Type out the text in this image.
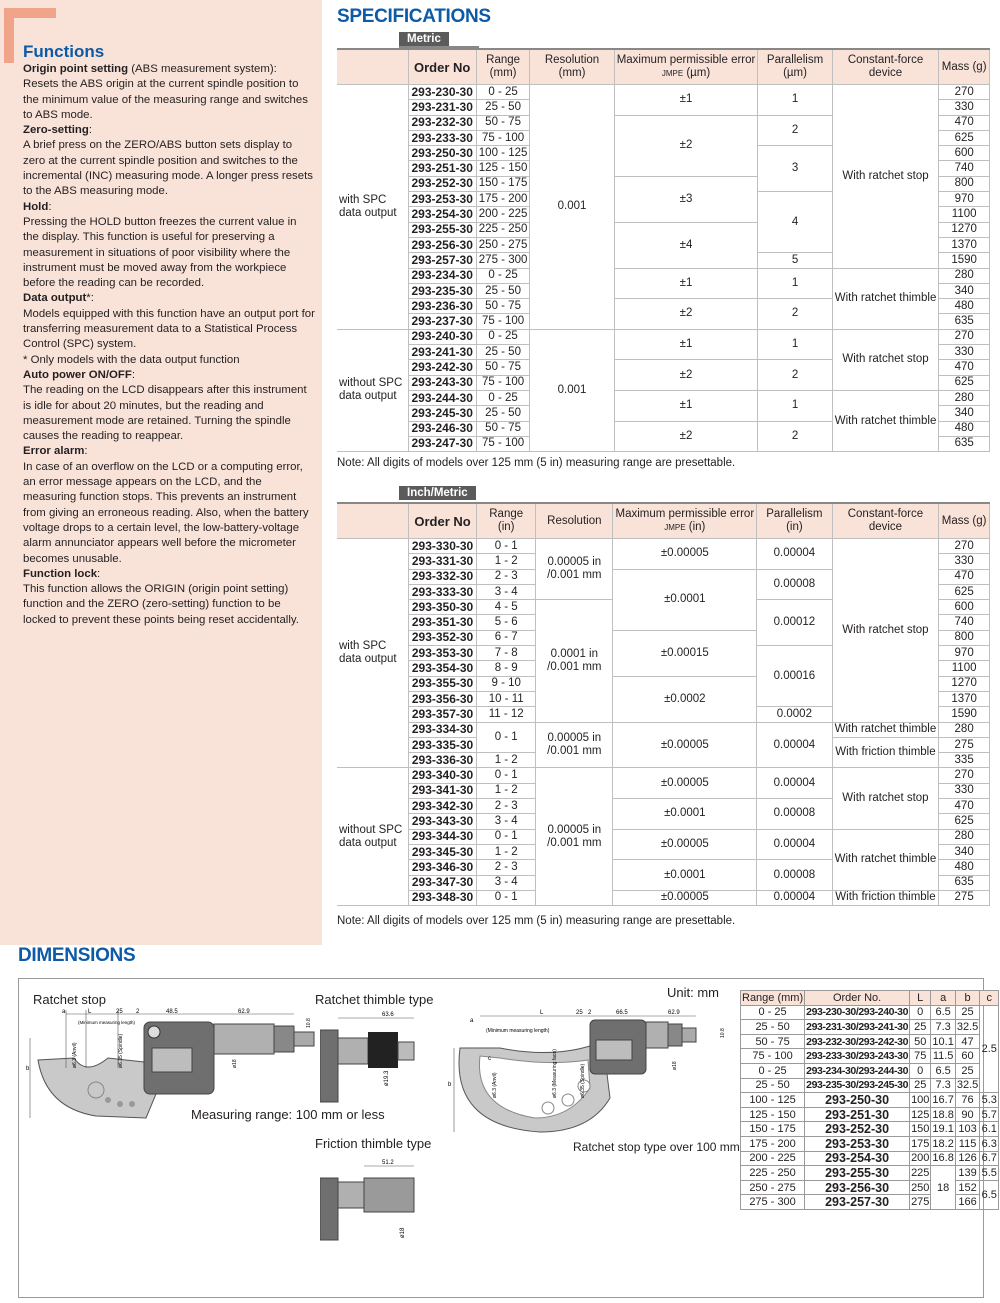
Functions

Origin point setting (ABS measurement system):
Resets the ABS origin at the current spindle position to the minimum value of the measuring range and switches to ABS mode.

Zero-setting:
A brief press on the ZERO/ABS button sets display to zero at the current spindle position and switches to the incremental (INC) measuring mode. A longer press resets to the ABS measuring mode.

Hold:
Pressing the HOLD button freezes the current value in the display. This function is useful for preserving a measurement in situations of poor visibility where the instrument must be moved away from the workpiece before the reading can be recorded.

Data output*:
Models equipped with this function have an output port for transferring measurement data to a Statistical Process Control (SPC) system.
* Only models with the data output function

Auto power ON/OFF:
The reading on the LCD disappears after this instrument is idle for about 20 minutes, but the reading and measurement mode are retained. Turning the spindle causes the reading to reappear.

Error alarm:
In case of an overflow on the LCD or a computing error, an error message appears on the LCD, and the measuring function stops. This prevents an instrument from giving an erroneous reading. Also, when the battery voltage drops to a certain level, the low-battery-voltage alarm annunciator appears well before the micrometer becomes unusable.

Function lock:
This function allows the ORIGIN (origin point setting) function and the ZERO (zero-setting) function to be locked to prevent these points being reset accidentally.

SPECIFICATIONS
Metric
	Order No	Range
(mm)	Resolution
(mm)	Maximum permissible error
JMPE (µm)	Parallelism
(µm)	Constant-force
device	Mass (g)
with SPC
data output	293-230-30	0 - 25	0.001	±1	1	With ratchet stop	270
	293-231-30	25 - 50					330
	293-232-30	50 - 75		±2	2		470
	293-233-30	75 - 100					625
	293-250-30	100 - 125			3		600
	293-251-30	125 - 150					740
	293-252-30	150 - 175		±3			800
	293-253-30	175 - 200			4		970
	293-254-30	200 - 225					1100
	293-255-30	225 - 250		±4			1270
	293-256-30	250 - 275					1370
	293-257-30	275 - 300			5		1590
	293-234-30	0 - 25		±1	1	With ratchet thimble	280
	293-235-30	25 - 50					340
	293-236-30	50 - 75		±2	2		480
	293-237-30	75 - 100					635
without SPC
data output	293-240-30	0 - 25	0.001	±1	1	With ratchet stop	270
	293-241-30	25 - 50					330
	293-242-30	50 - 75		±2	2		470
	293-243-30	75 - 100					625
	293-244-30	0 - 25		±1	1	With ratchet thimble	280
	293-245-30	25 - 50					340
	293-246-30	50 - 75		±2	2		480
	293-247-30	75 - 100					635
Note: All digits of models over 125 mm (5 in) measuring range are presettable.
Inch/Metric
	Order No	Range
(in)	Resolution	Maximum permissible error
JMPE (in)	Parallelism
(in)	Constant-force
device	Mass (g)
with SPC
data output	293-330-30	0 - 1	0.00005 in
/0.001 mm	±0.00005	0.00004	With ratchet stop	270
	293-331-30	1 - 2					330
	293-332-30	2 - 3		±0.0001	0.00008		470
	293-333-30	3 - 4					625
	293-350-30	4 - 5	0.0001 in
/0.001 mm		0.00012		600
	293-351-30	5 - 6					740
	293-352-30	6 - 7		±0.00015			800
	293-353-30	7 - 8			0.00016		970
	293-354-30	8 - 9					1100
	293-355-30	9 - 10		±0.0002			1270
	293-356-30	10 - 11					1370
	293-357-30	11 - 12			0.0002		1590
	293-334-30	0 - 1	0.00005 in
/0.001 mm	±0.00005	0.00004	With ratchet thimble	280
	293-335-30					With friction thimble	275
	293-336-30	1 - 2					335
without SPC
data output	293-340-30	0 - 1	0.00005 in
/0.001 mm	±0.00005	0.00004	With ratchet stop	270
	293-341-30	1 - 2					330
	293-342-30	2 - 3		±0.0001	0.00008		470
	293-343-30	3 - 4					625
	293-344-30	0 - 1		±0.00005	0.00004	With ratchet thimble	280
	293-345-30	1 - 2					340
	293-346-30	2 - 3		±0.0001	0.00008		480
	293-347-30	3 - 4					635
	293-348-30	0 - 1		±0.00005	0.00004	With friction thimble	275
Note: All digits of models over 125 mm (5 in) measuring range are presettable.
DIMENSIONS
Ratchet stop	Ratchet thimble type
Measuring range: 100 mm or less
Friction thimble type	Ratchet stop type over 100 mm
Unit: mm
a	L	25 2	48.5	62.9
b
(Minimum measuring length)	10.8
ø6.3 (Anvil)	ø6.35 (Spindle)	ø18
63.6
ø19.3
51.2
ø18
a
L	25 2	66.5	62.9
10.8
(Minimum measuring length)
b
c
ø6.3 (Anvil)	ø6.3 (Measuring face)	ø6.35 (Spindle)	ø18
Range (mm)	Order No.	L	a	b	c
0 - 25	293-230-30/293-240-30	0	6.5	25	2.5
25 - 50	293-231-30/293-241-30	25	7.3	32.5	
50 - 75	293-232-30/293-242-30	50	10.1	47	
75 - 100	293-233-30/293-243-30	75	11.5	60	
0 - 25	293-234-30/293-244-30	0	6.5	25	
25 - 50	293-235-30/293-245-30	25	7.3	32.5	
100 - 125	293-250-30	100	16.7	76	5.3
125 - 150	293-251-30	125	18.8	90	5.7
150 - 175	293-252-30	150	19.1	103	6.1
175 - 200	293-253-30	175	18.2	115	6.3
200 - 225	293-254-30	200	16.8	126	6.7
225 - 250	293-255-30	225	18	139	5.5
250 - 275	293-256-30	250		152	6.5
275 - 300	293-257-30	275		166	
